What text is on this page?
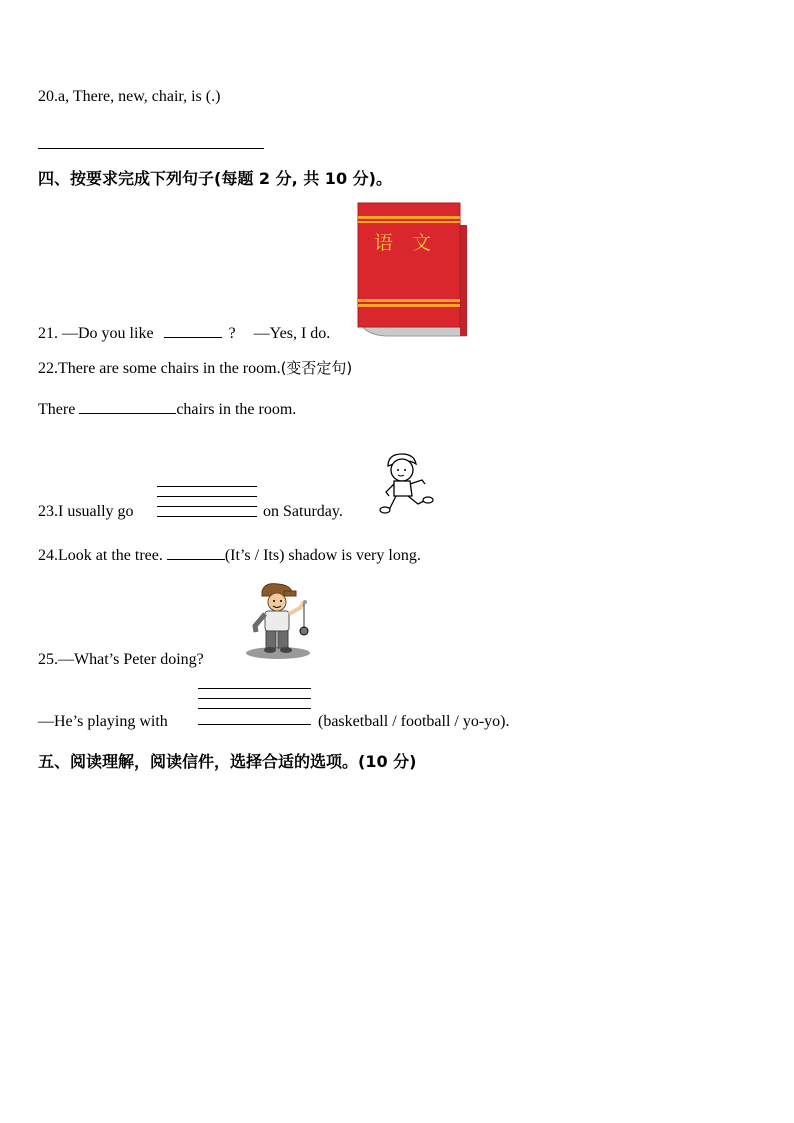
20.a, There, new, chair, is (.)
四、按要求完成下列句子(每题 2 分, 共 10 分)。
语　文
21. —Do you like	? —Yes, I do.
22.There are some chairs in the room.(变否定句)
There	chairs in the room.
23.I usually go	on Saturday.
24.Look at the tree.	(It’s / Its) shadow is very long.
25.—What’s Peter doing?
—He’s playing with	(basketball / football / yo-yo).
五、阅读理解，阅读信件，选择合适的选项。(10 分)
